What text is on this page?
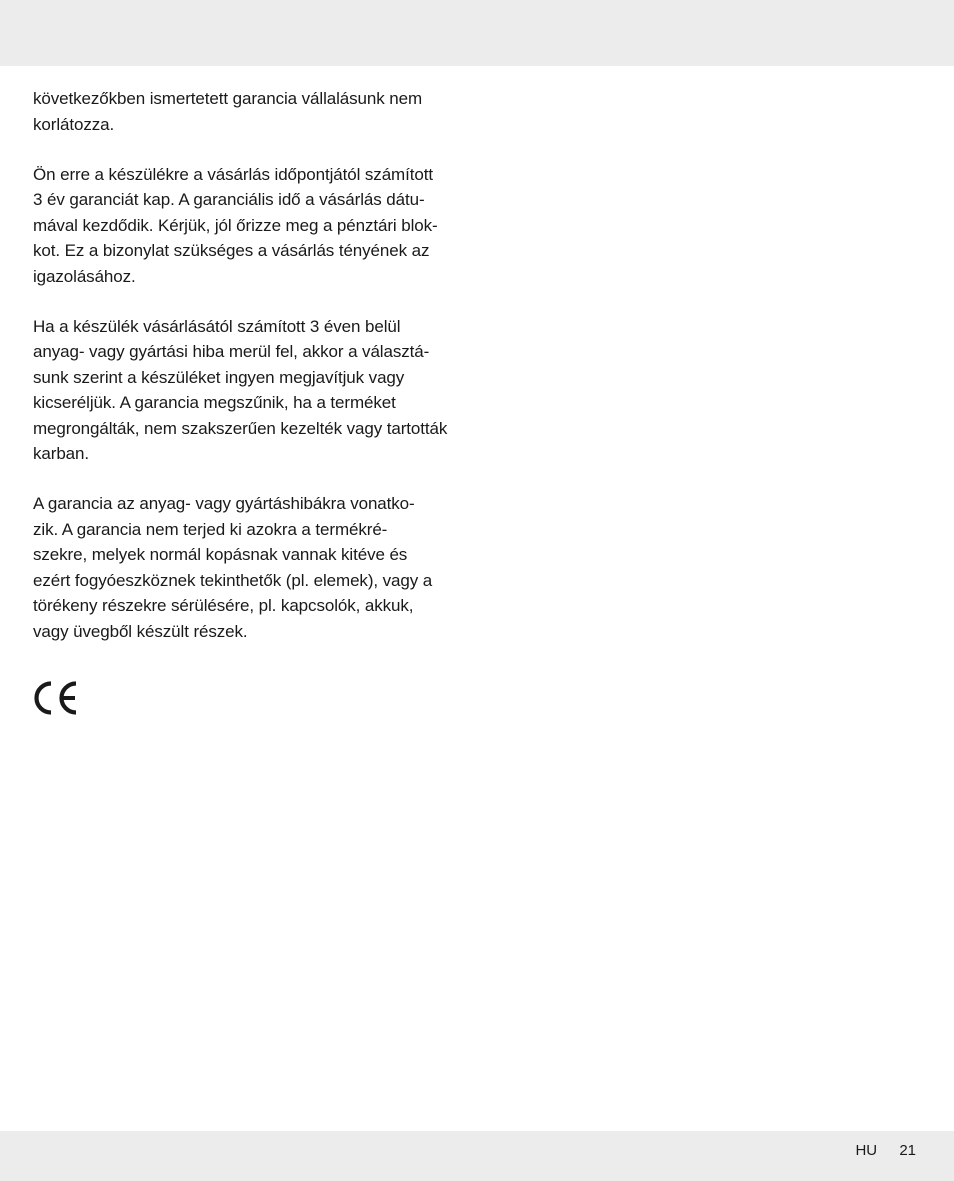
következőkben ismertetett garancia vállalásunk nem
korlátozza.

Ön erre a készülékre a vásárlás időpontjától számított
3 év garanciát kap. A garanciális idő a vásárlás dátu-
mával kezdődik. Kérjük, jól őrizze meg a pénztári blok-
kot. Ez a bizonylat szükséges a vásárlás tényének az
igazolásához.

Ha a készülék vásárlásától számított 3 éven belül
anyag- vagy gyártási hiba merül fel, akkor a választá-
sunk szerint a készüléket ingyen megjavítjuk vagy
kicseréljük. A garancia megszűnik, ha a terméket
megrongálták, nem szakszerűen kezelték vagy tartották
karban.

A garancia az anyag- vagy gyártáshibákra vonatko-
zik. A garancia nem terjed ki azokra a termékré-
szekre, melyek normál kopásnak vannak kitéve és
ezért fogyóeszköznek tekinthetők (pl. elemek), vagy a
törékeny részekre sérülésére, pl. kapcsolók, akkuk,
vagy üvegből készült részek.

HU 21
